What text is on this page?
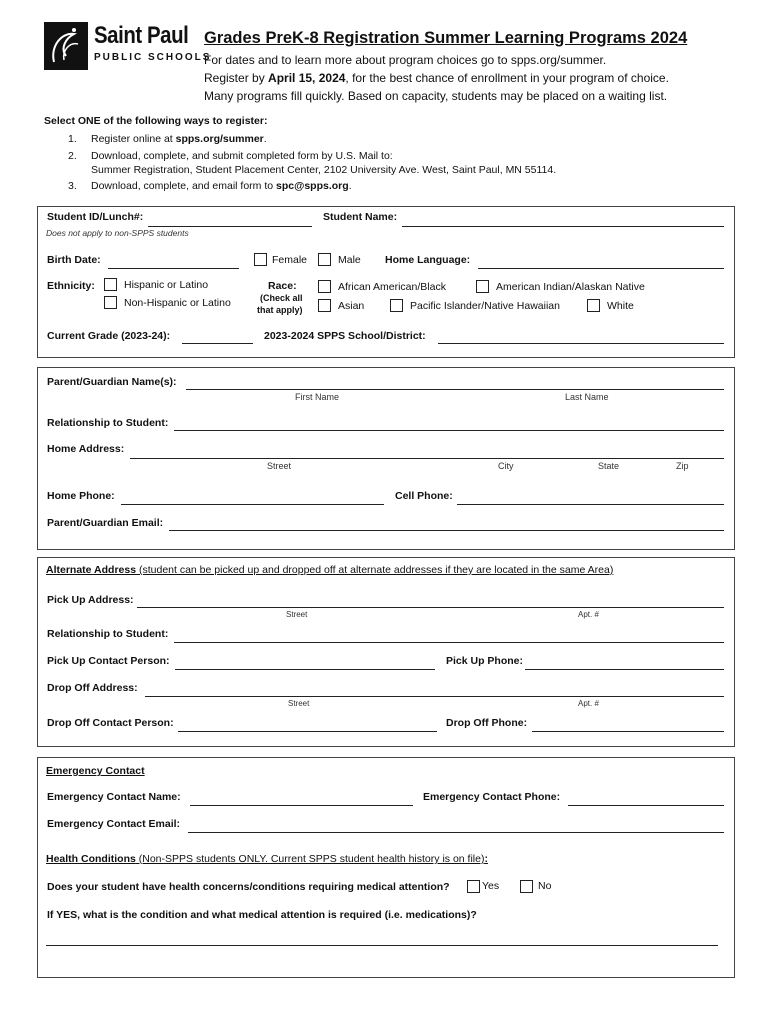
Saint Paul
PUBLIC SCHOOLS
Grades PreK-8 Registration Summer Learning Programs 2024
For dates and to learn more about program choices go to spps.org/summer.
Register by April 15, 2024, for the best chance of enrollment in your program of choice.
Many programs fill quickly. Based on capacity, students may be placed on a waiting list.
Select ONE of the following ways to register:
1. Register online at spps.org/summer.
2. Download, complete, and submit completed form by U.S. Mail to:
Summer Registration, Student Placement Center, 2102 University Ave. West, Saint Paul, MN 55114.
3. Download, complete, and email form to spc@spps.org.
Student ID/Lunch#:
Does not apply to non-SPPS students
Student Name:
Birth Date:	Female	Male Home Language:
Ethnicity:	Hispanic or Latino
Non-Hispanic or Latino
Race:
(Check all
that apply)
African American/Black	American Indian/Alaskan Native
Asian	Pacific Islander/Native Hawaiian	White
Current Grade (2023-24):	2023-2024 SPPS School/District:
Parent/Guardian Name(s):
First Name	Last Name
Relationship to Student:
Home Address:
Street	City	State	Zip
Home Phone:	Cell Phone:
Parent/Guardian Email:
Alternate Address (student can be picked up and dropped off at alternate addresses if they are located in the same Area)
Pick Up Address:
Street	Apt. #
Relationship to Student:
Pick Up Contact Person:	Pick Up Phone:
Drop Off Address:
Street	Apt. #
Drop Off Contact Person:	Drop Off Phone:
Emergency Contact
Emergency Contact Name:	Emergency Contact Phone:
Emergency Contact Email:
Health Conditions (Non-SPPS students ONLY. Current SPPS student health history is on file):
Does your student have health concerns/conditions requiring medical attention?	Yes	No
If YES, what is the condition and what medical attention is required (i.e. medications)?
